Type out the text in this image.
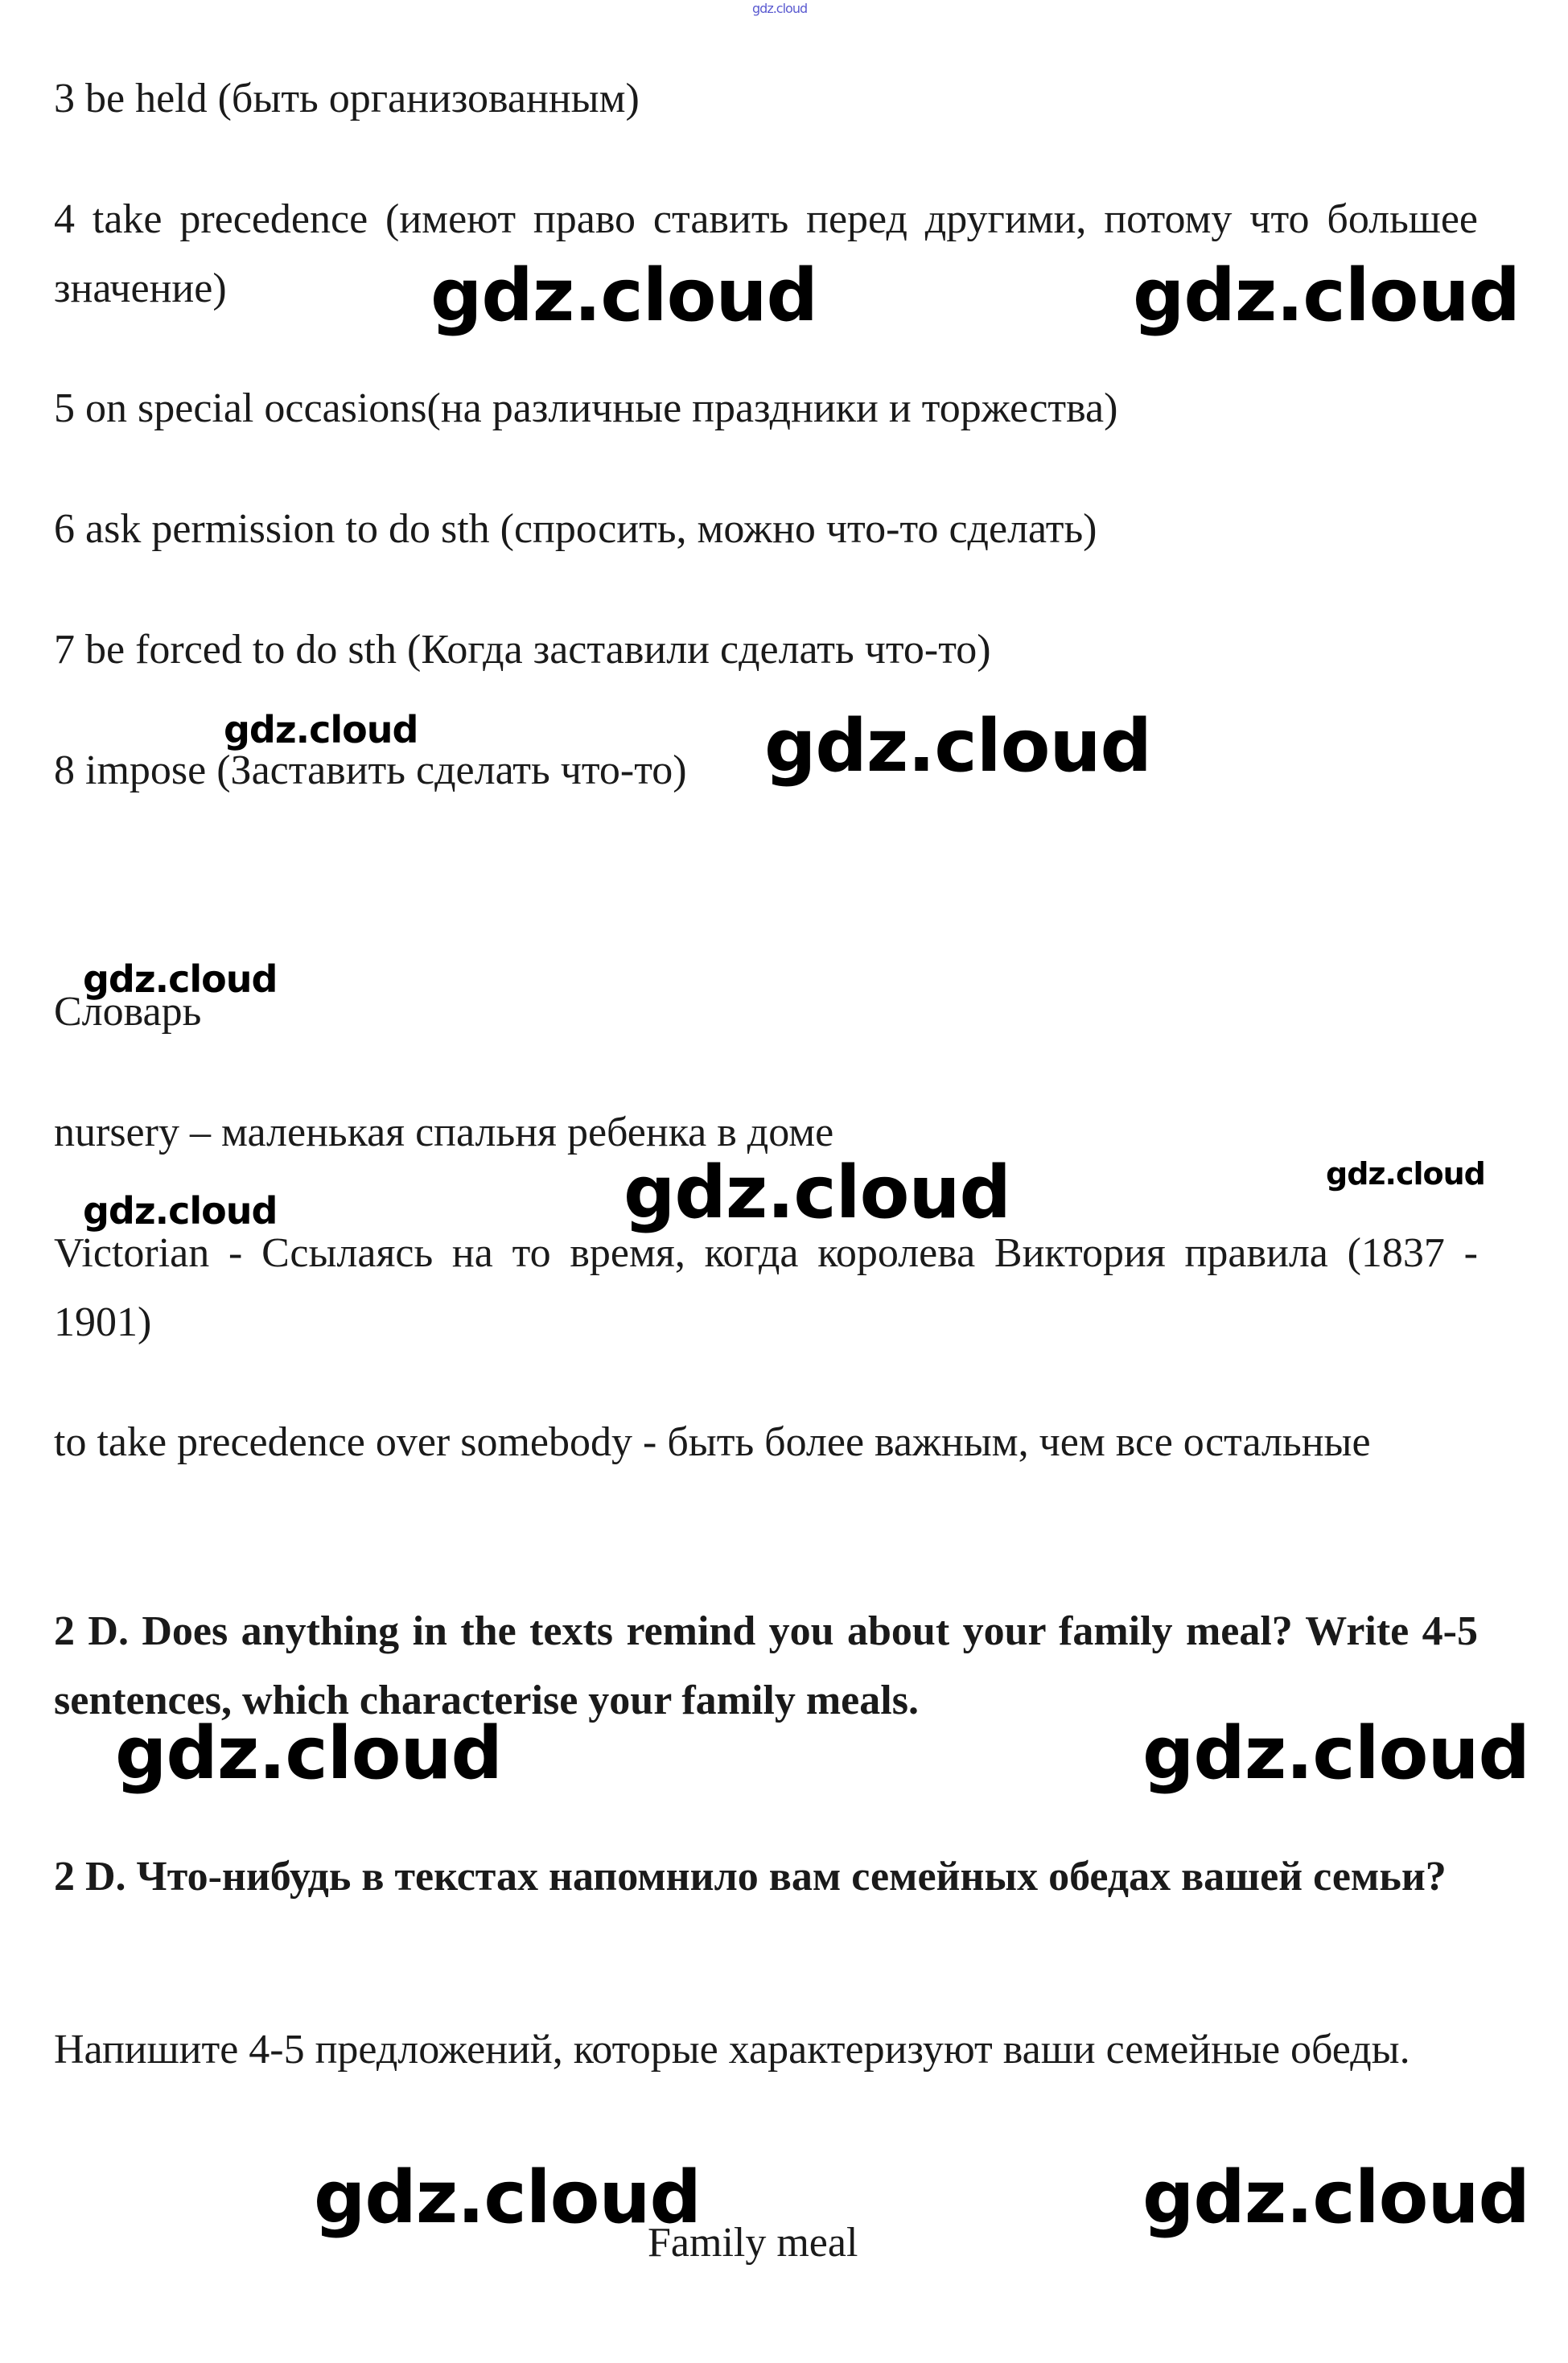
gdz.cloud
3 be held (быть организованным)
4 take precedence (имеют право ставить перед другими, потому что большее значение)
5 on special occasions(на различные праздники и торжества)
6 ask permission to do sth (спросить, можно что-то сделать)
7 be forced to do sth (Когда заставили сделать что-то)
8 impose (Заставить сделать что-то)
Словарь
nursery – маленькая спальня ребенка в доме
Victorian - Ссылаясь на то время, когда королева Виктория правила (1837 - 1901)
to take precedence over somebody - быть более важным, чем все остальные
2 D. Does anything in the texts remind you about your family meal? Write 4-5 sentences, which characterise your family meals.
2 D. Что-нибудь в текстах напомнило вам семейных обедах вашей семьи?
Напишите 4-5 предложений, которые характеризуют ваши семейные обеды.
Family meal
gdz.cloud	gdz.cloud
gdz.cloud	gdz.cloud
gdz.cloud
gdz.cloud
gdz.cloud	gdz.cloud
gdz.cloud	gdz.cloud
gdz.cloud	gdz.cloud
